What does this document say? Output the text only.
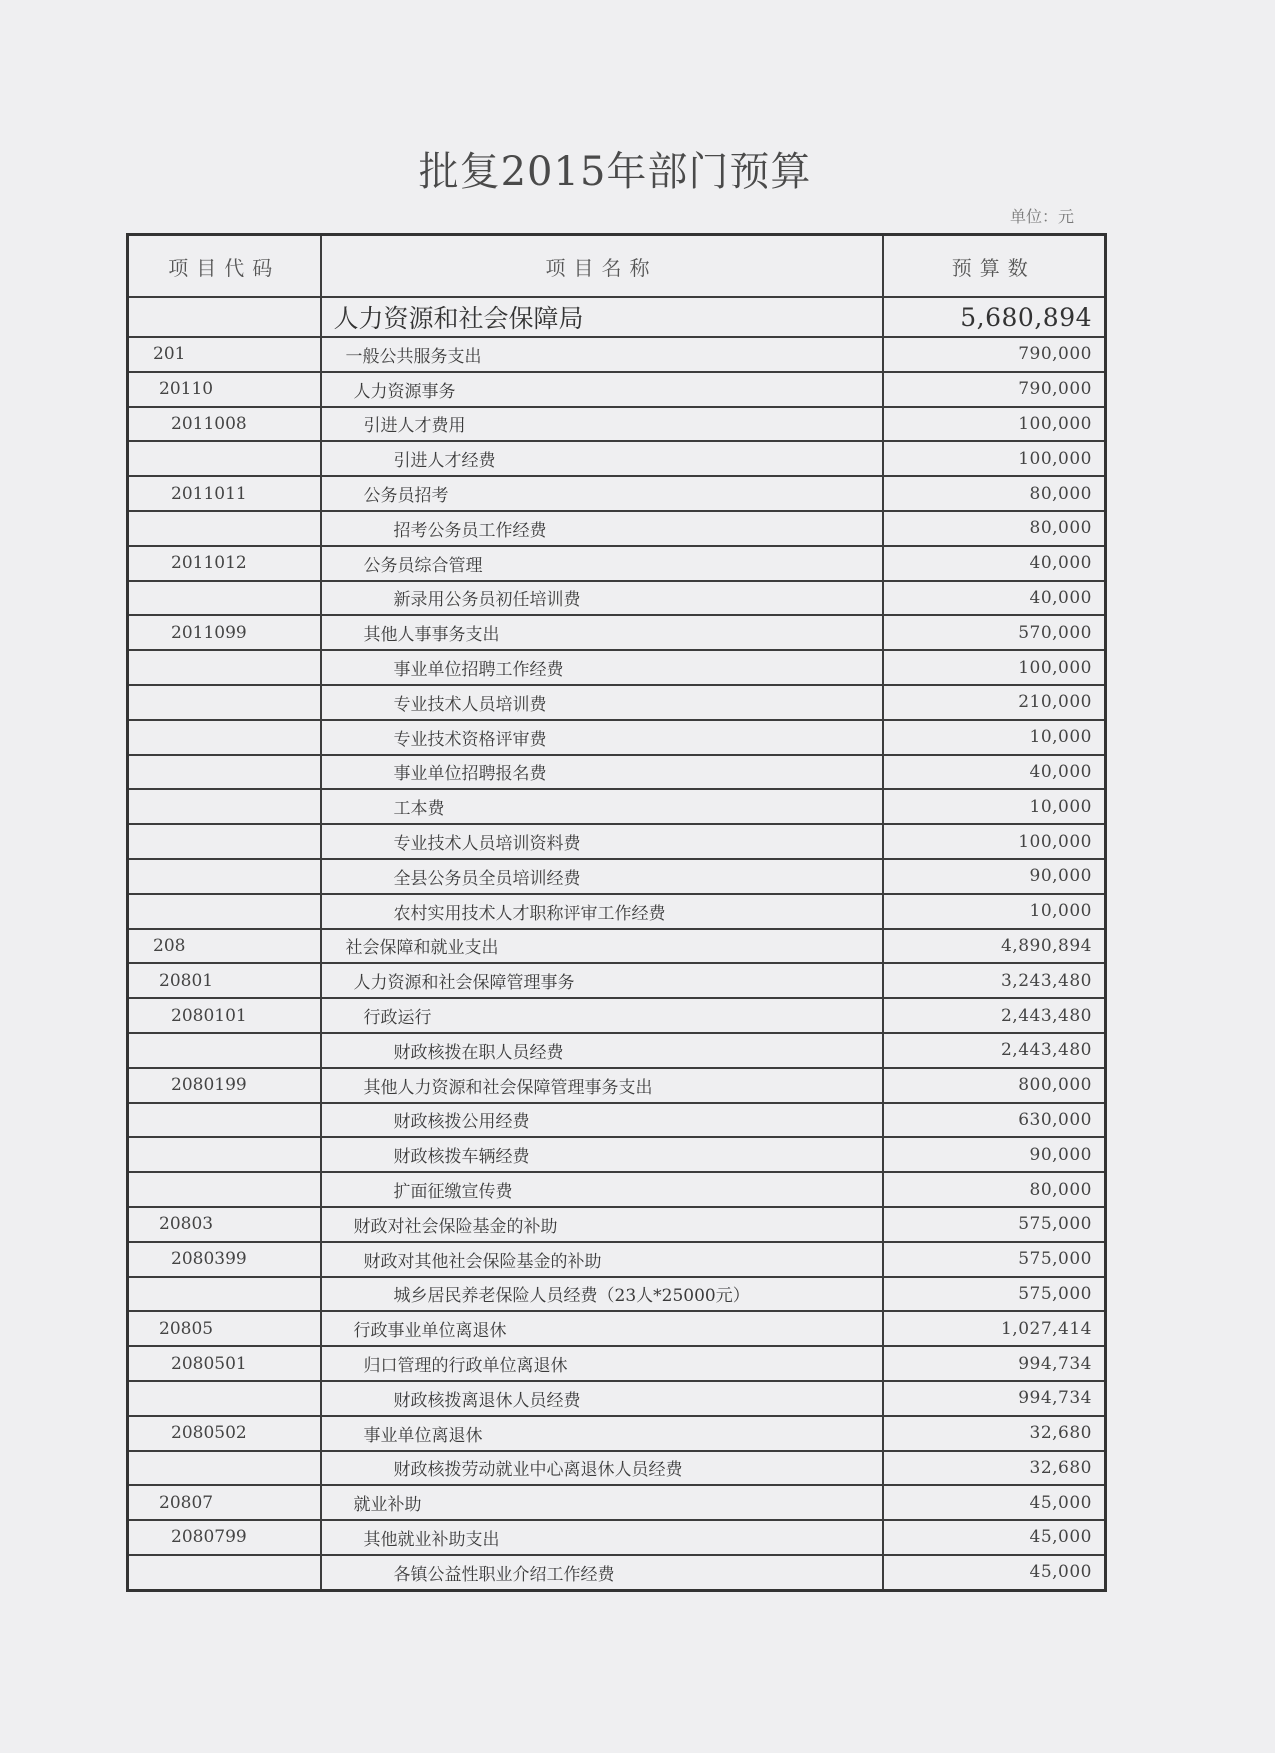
批复2015年部门预算
单位：元
项目代码	项目名称	预算数
	人力资源和社会保障局	5,680,894
201	一般公共服务支出	790,000
20110	人力资源事务	790,000
2011008	引进人才费用	100,000
	引进人才经费	100,000
2011011	公务员招考	80,000
	招考公务员工作经费	80,000
2011012	公务员综合管理	40,000
	新录用公务员初任培训费	40,000
2011099	其他人事事务支出	570,000
	事业单位招聘工作经费	100,000
	专业技术人员培训费	210,000
	专业技术资格评审费	10,000
	事业单位招聘报名费	40,000
	工本费	10,000
	专业技术人员培训资料费	100,000
	全县公务员全员培训经费	90,000
	农村实用技术人才职称评审工作经费	10,000
208	社会保障和就业支出	4,890,894
20801	人力资源和社会保障管理事务	3,243,480
2080101	行政运行	2,443,480
	财政核拨在职人员经费	2,443,480
2080199	其他人力资源和社会保障管理事务支出	800,000
	财政核拨公用经费	630,000
	财政核拨车辆经费	90,000
	扩面征缴宣传费	80,000
20803	财政对社会保险基金的补助	575,000
2080399	财政对其他社会保险基金的补助	575,000
	城乡居民养老保险人员经费（23人*25000元）	575,000
20805	行政事业单位离退休	1,027,414
2080501	归口管理的行政单位离退休	994,734
	财政核拨离退休人员经费	994,734
2080502	事业单位离退休	32,680
	财政核拨劳动就业中心离退休人员经费	32,680
20807	就业补助	45,000
2080799	其他就业补助支出	45,000
	各镇公益性职业介绍工作经费	45,000
